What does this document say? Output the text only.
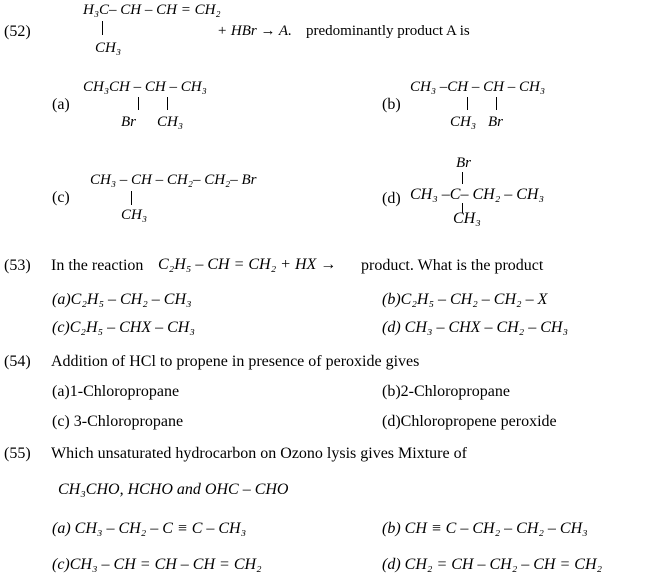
(52)
H₃C– CH – CH = CH₂
CH₃
+ HBr → A. predominantly product A is
(a)
CH₃CH – CH – CH₃
Br CH₃
(b)
CH₃ –CH – CH – CH₃
CH₃ Br
(c)
CH₃ – CH – CH₂– CH₂– Br
CH₃
Br
(d) CH₃ –C– CH₂ – CH₃
CH₃
(53) In the reaction C₂H₅ – CH = CH₂ + HX → product. What is the product
(a)C₂H₅ – CH₂ – CH₃	(b)C₂H₅ – CH₂ – CH₂ – X
(c)C₂H₅ – CHX – CH₃	(d) CH₃ – CHX – CH₂ – CH₃
(54) Addition of HCl to propene in presence of peroxide gives
(a)1-Chloropropane	(b)2-Chloropropane
(c) 3-Chloropropane	(d)Chloropropene peroxide
(55) Which unsaturated hydrocarbon on Ozono lysis gives Mixture of
CH₃CHO, HCHO and OHC – CHO
(a) CH₃ – CH₂ – C ≡ C – CH₃	(b) CH ≡ C – CH₂ – CH₂ – CH₃
(c)CH₃ – CH = CH – CH = CH₂	(d) CH₂ = CH – CH₂ – CH = CH₂
